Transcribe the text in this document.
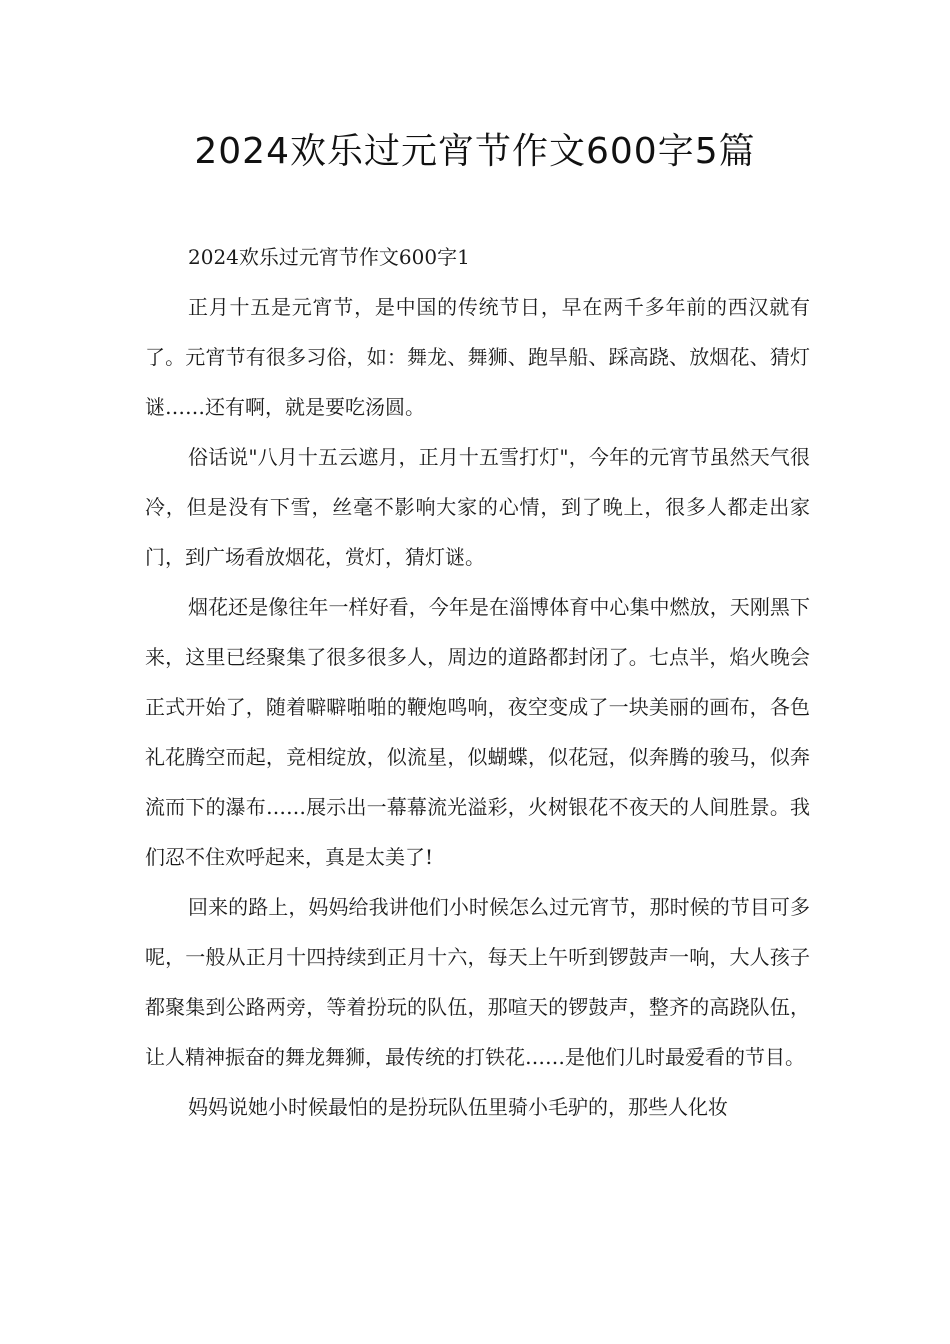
2024欢乐过元宵节作文600字5篇
2024欢乐过元宵节作文600字1

正月十五是元宵节，是中国的传统节日，早在两千多年前的西汉就有了。元宵节有很多习俗，如：舞龙、舞狮、跑旱船、踩高跷、放烟花、猜灯谜……还有啊，就是要吃汤圆。

俗话说"八月十五云遮月，正月十五雪打灯"，今年的元宵节虽然天气很冷，但是没有下雪，丝毫不影响大家的心情，到了晚上，很多人都走出家门，到广场看放烟花，赏灯，猜灯谜。

烟花还是像往年一样好看，今年是在淄博体育中心集中燃放，天刚黑下来，这里已经聚集了很多很多人，周边的道路都封闭了。七点半，焰火晚会正式开始了，随着噼噼啪啪的鞭炮鸣响，夜空变成了一块美丽的画布，各色礼花腾空而起，竞相绽放，似流星，似蝴蝶，似花冠，似奔腾的骏马，似奔流而下的瀑布……展示出一幕幕流光溢彩，火树银花不夜天的人间胜景。我们忍不住欢呼起来，真是太美了!

回来的路上，妈妈给我讲他们小时候怎么过元宵节，那时候的节目可多呢，一般从正月十四持续到正月十六，每天上午听到锣鼓声一响，大人孩子都聚集到公路两旁，等着扮玩的队伍，那喧天的锣鼓声，整齐的高跷队伍，让人精神振奋的舞龙舞狮，最传统的打铁花……是他们儿时最爱看的节目。

妈妈说她小时候最怕的是扮玩队伍里骑小毛驴的，那些人化妆
